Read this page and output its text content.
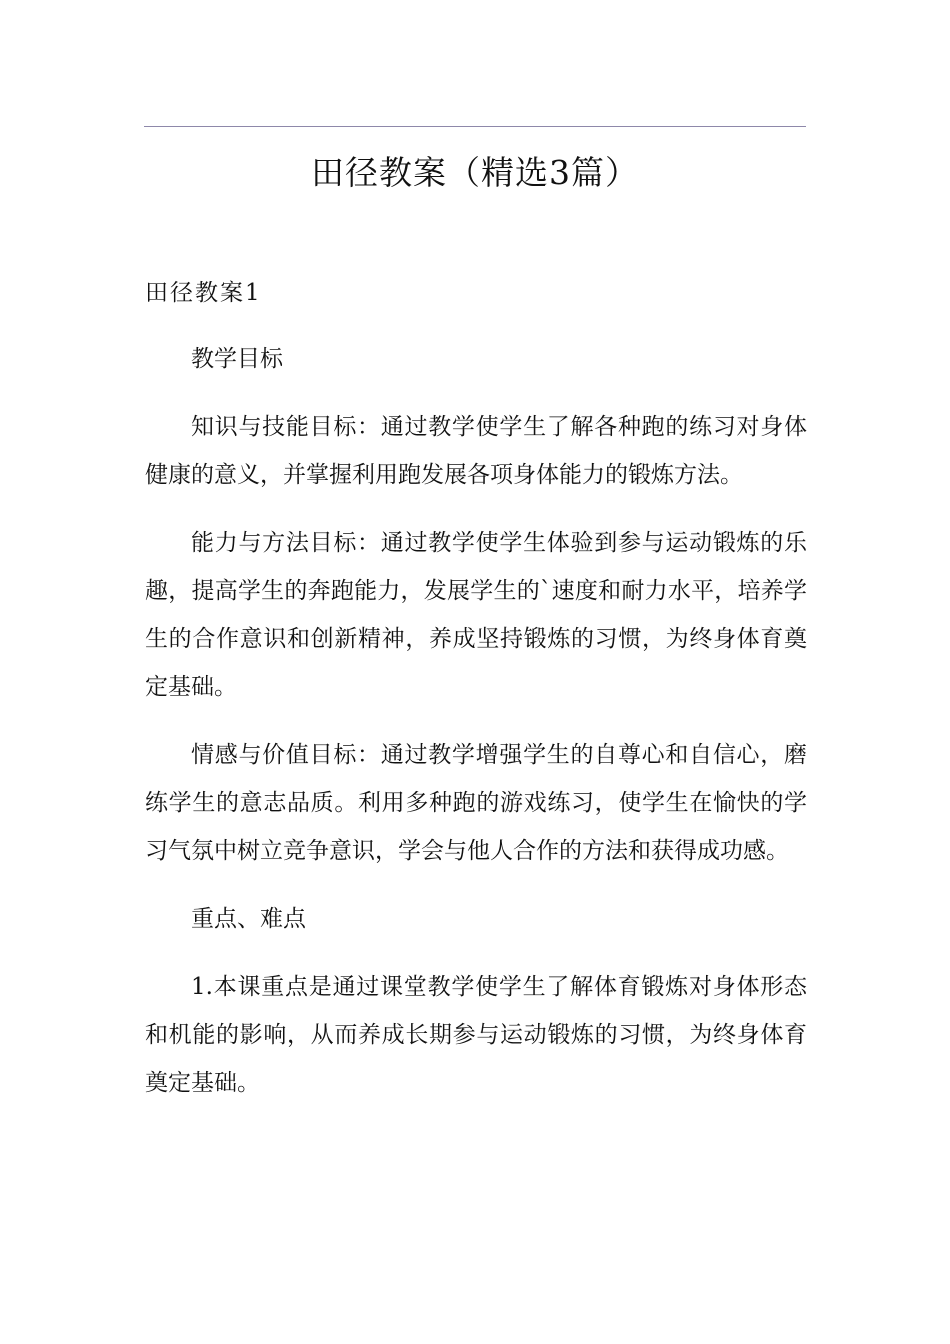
田径教案（精选3篇）
田径教案1

教学目标

知识与技能目标：通过教学使学生了解各种跑的练习对身体健康的意义，并掌握利用跑发展各项身体能力的锻炼方法。

能力与方法目标：通过教学使学生体验到参与运动锻炼的乐趣，提高学生的奔跑能力，发展学生的`速度和耐力水平，培养学生的合作意识和创新精神，养成坚持锻炼的习惯，为终身体育奠定基础。

情感与价值目标：通过教学增强学生的自尊心和自信心，磨练学生的意志品质。利用多种跑的游戏练习，使学生在愉快的学习气氛中树立竞争意识，学会与他人合作的方法和获得成功感。

重点、难点

1.本课重点是通过课堂教学使学生了解体育锻炼对身体形态和机能的影响，从而养成长期参与运动锻炼的习惯，为终身体育奠定基础。
